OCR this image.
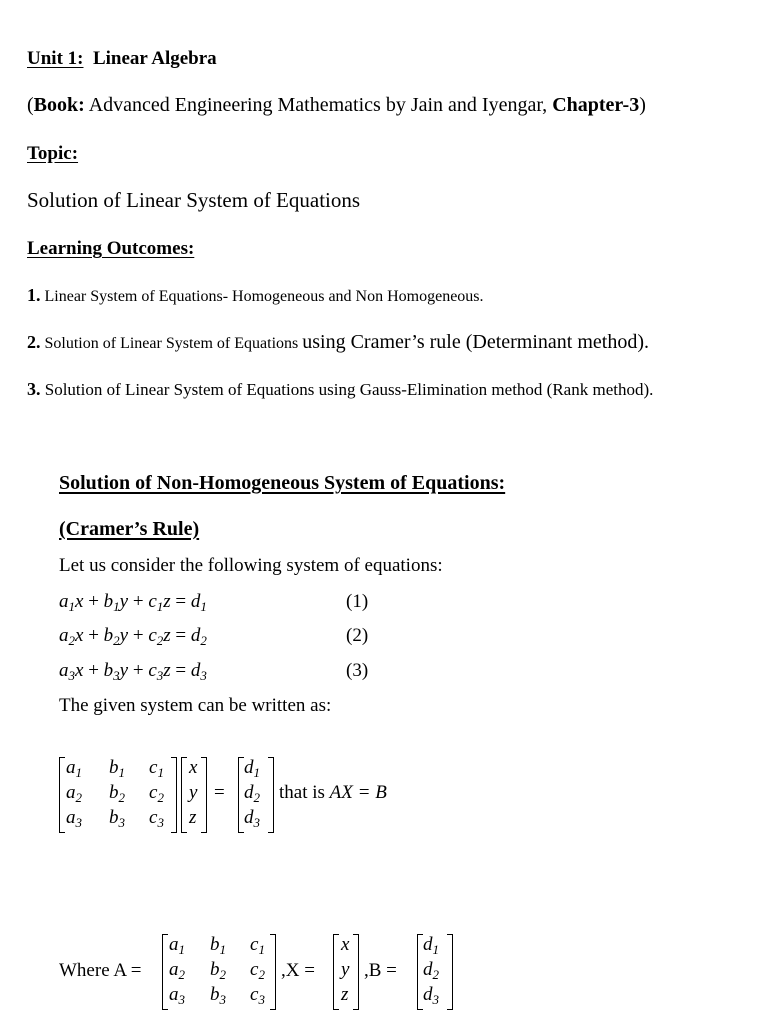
Unit 1: Linear Algebra
(Book: Advanced Engineering Mathematics by Jain and Iyengar, Chapter-3)
Topic:
Solution of Linear System of Equations
Learning Outcomes:
1. Linear System of Equations- Homogeneous and Non Homogeneous.
2. Solution of Linear System of Equations using Cramer’s rule (Determinant method).
3. Solution of Linear System of Equations using Gauss-Elimination method (Rank method).
Solution of Non-Homogeneous System of Equations:
(Cramer’s Rule)
Let us consider the following system of equations:
$a_1x + b_1y + c_1z = d_1$	(1)
$a_2x + b_2y + c_2z = d_2$	(2)
$a_3x + b_3y + c_3z = d_3$	(3)
The given system can be written as:
$a_1$ $b_1$ $c_1$
$a_2$ $b_2$ $c_2$
$a_3$ $b_3$ $c_3$
x
y
z
=
$d_1$
$d_2$
$d_3$
that is AX = B
Where A =
$a_1$ $b_1$ $c_1$
$a_2$ $b_2$ $c_2$
$a_3$ $b_3$ $c_3$
,X =
x
y
z
,B =
$d_1$
$d_2$
$d_3$
